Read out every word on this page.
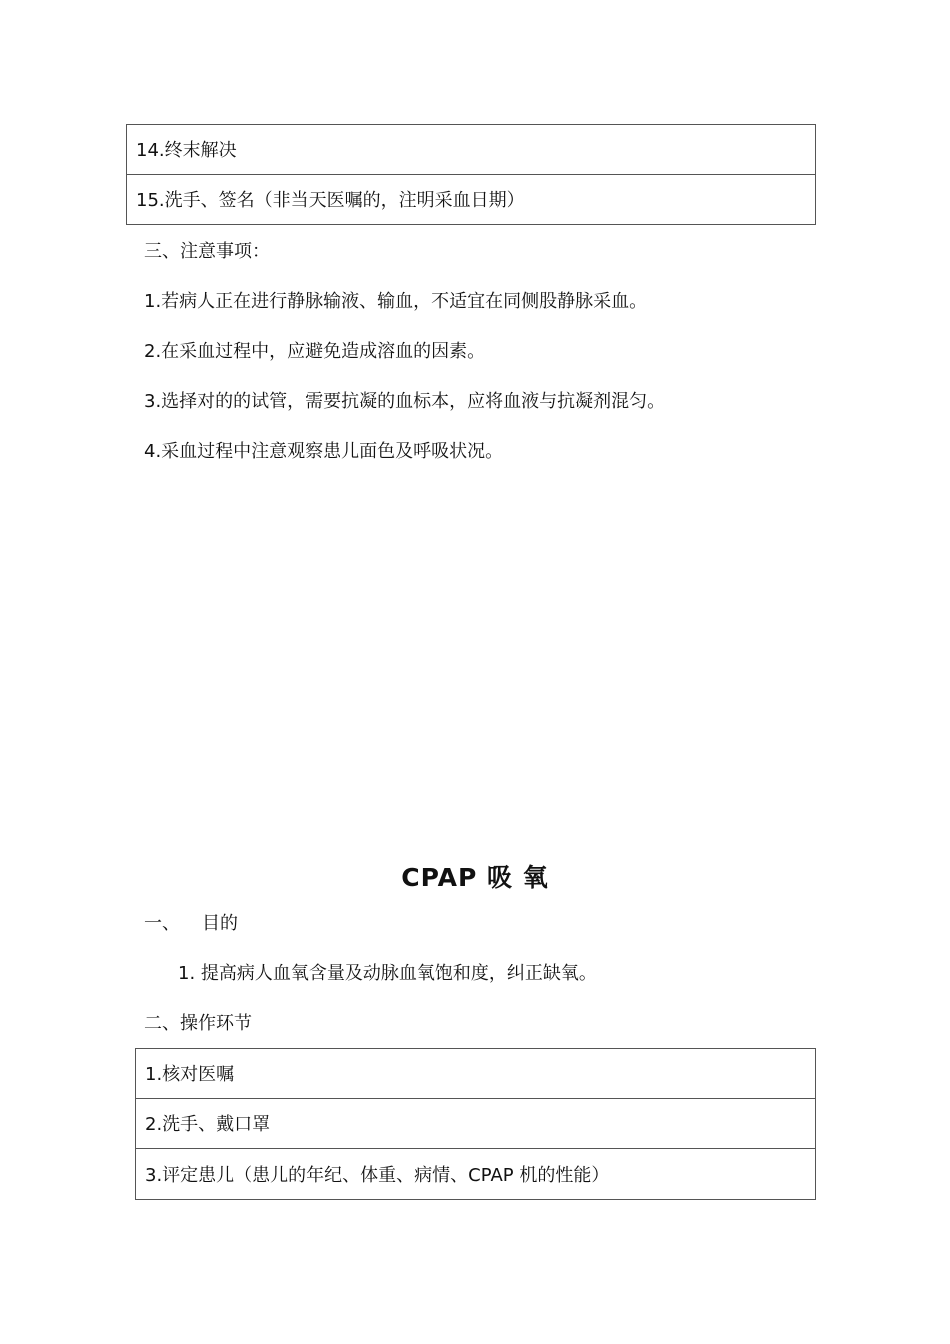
14.终末解决
15.洗手、签名（非当天医嘱的，注明采血日期）
三、注意事项：
1.若病人正在进行静脉输液、输血，不适宜在同侧股静脉采血。
2.在采血过程中，应避免造成溶血的因素。
3.选择对的的试管，需要抗凝的血标本，应将血液与抗凝剂混匀。
4.采血过程中注意观察患儿面色及呼吸状况。
CPAP 吸 氧
一、 目的
1. 提高病人血氧含量及动脉血氧饱和度，纠正缺氧。
二、操作环节
1.核对医嘱
2.洗手、戴口罩
3.评定患儿（患儿的年纪、体重、病情、CPAP 机的性能）
